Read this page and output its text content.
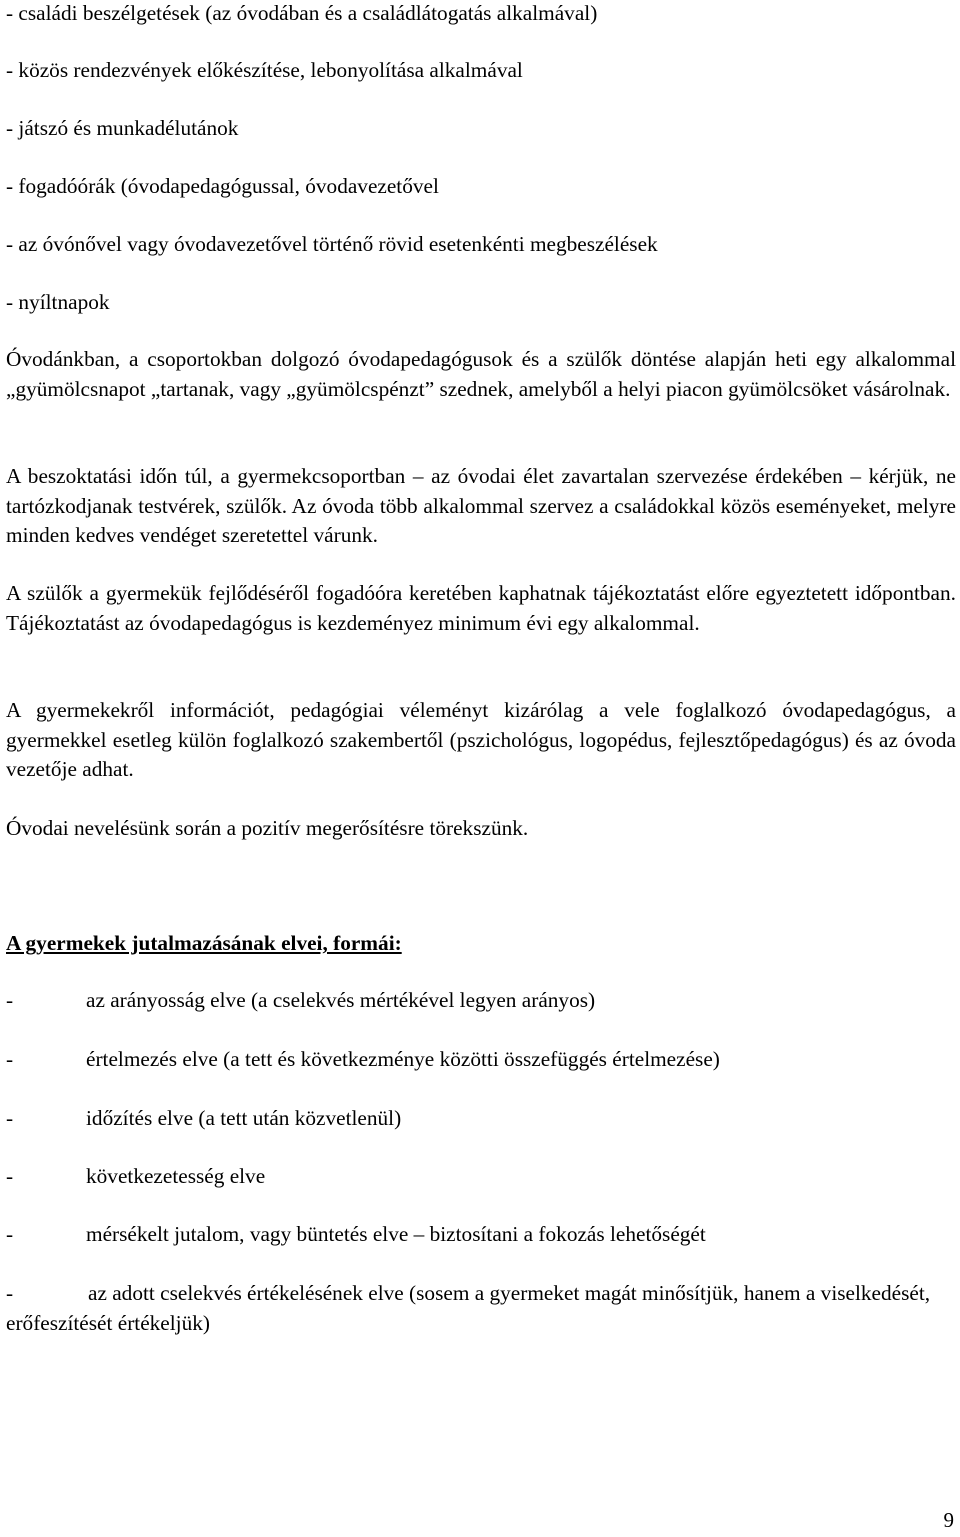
- családi beszélgetések (az óvodában és a családlátogatás alkalmával)
- közös rendezvények előkészítése, lebonyolítása alkalmával
- játszó és munkadélutánok
- fogadóórák (óvodapedagógussal, óvodavezetővel
- az óvónővel vagy óvodavezetővel történő rövid esetenkénti megbeszélések
- nyíltnapok

Óvodánkban, a csoportokban dolgozó óvodapedagógusok és a szülők döntése alapján heti egy alkalommal „gyümölcsnapot „tartanak, vagy „gyümölcspénzt” szednek, amelyből a helyi piacon gyümölcsöket vásárolnak.

A beszoktatási időn túl, a gyermekcsoportban – az óvodai élet zavartalan szervezése érdekében – kérjük, ne tartózkodjanak testvérek, szülők. Az óvoda több alkalommal szervez a családokkal közös eseményeket, melyre minden kedves vendéget szeretettel várunk.

A szülők a gyermekük fejlődéséről fogadóóra keretében kaphatnak tájékoztatást előre egyeztetett időpontban. Tájékoztatást az óvodapedagógus is kezdeményez minimum évi egy alkalommal.

A gyermekekről információt, pedagógiai véleményt kizárólag a vele foglalkozó óvodapedagógus, a gyermekkel esetleg külön foglalkozó szakembertől (pszichológus, logopédus, fejlesztőpedagógus) és az óvoda vezetője adhat.

Óvodai nevelésünk során a pozitív megerősítésre törekszünk.

A gyermekek jutalmazásának elvei, formái:
-	az arányosság elve (a cselekvés mértékével legyen arányos)
-	értelmezés elve (a tett és következménye közötti összefüggés értelmezése)
-	időzítés elve (a tett után közvetlenül)
-	következetesség elve
-	mérsékelt jutalom, vagy büntetés elve – biztosítani a fokozás lehetőségét
-	az adott cselekvés értékelésének elve (sosem a gyermeket magát minősítjük, hanem a viselkedését, erőfeszítését értékeljük)
9
